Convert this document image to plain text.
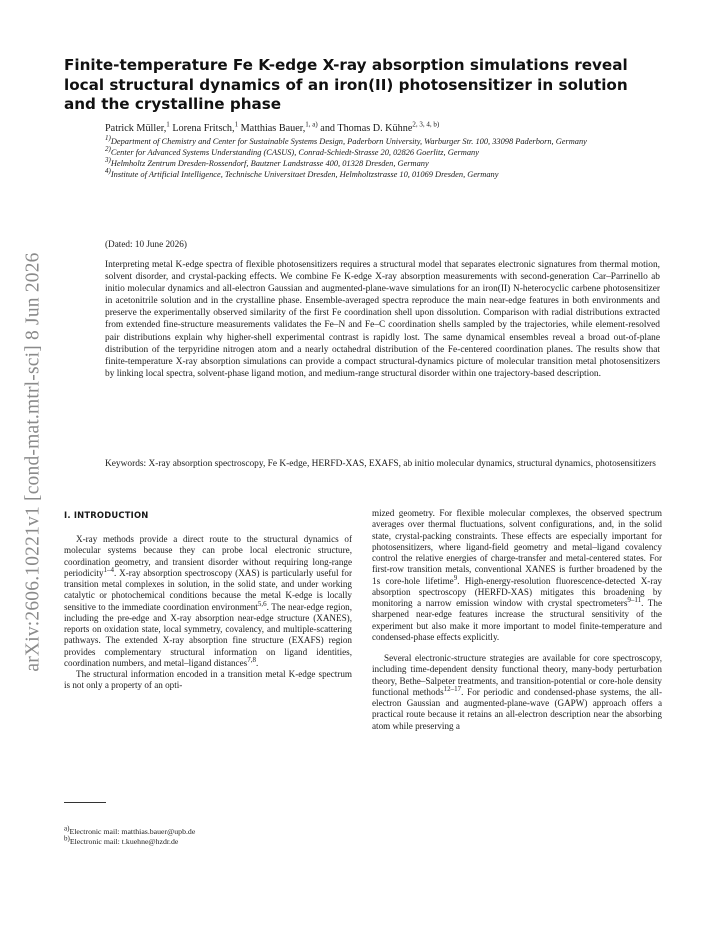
arXiv:2606.10221v1 [cond-mat.mtrl-sci] 8 Jun 2026
Finite-temperature Fe K-edge X-ray absorption simulations reveal local structural dynamics of an iron(II) photosensitizer in solution and the crystalline phase
Patrick Müller,$^1$ Lorena Fritsch,$^1$ Matthias Bauer,$^{1, a)}$ and Thomas D. Kühne$^{2, 3, 4, b)}$
$^{1)}$Department of Chemistry and Center for Sustainable Systems Design, Paderborn University, Warburger Str. 100, 33098 Paderborn, Germany
$^{2)}$Center for Advanced Systems Understanding (CASUS), Conrad-Schiedt-Strasse 20, 02826 Goerlitz, Germany
$^{3)}$Helmholtz Zentrum Dresden-Rossendorf, Bautzner Landstrasse 400, 01328 Dresden, Germany
$^{4)}$Institute of Artificial Intelligence, Technische Universitaet Dresden, Helmholtzstrasse 10, 01069 Dresden, Germany
(Dated: 10 June 2026)

Interpreting metal K-edge spectra of flexible photosensitizers requires a structural model that separates electronic signatures from thermal motion, solvent disorder, and crystal-packing effects. We combine Fe K-edge X-ray absorption measurements with second-generation Car–Parrinello ab initio molecular dynamics and all-electron Gaussian and augmented-plane-wave simulations for an iron(II) N-heterocyclic carbene photosensitizer in acetonitrile solution and in the crystalline phase. Ensemble-averaged spectra reproduce the main near-edge features in both environments and preserve the experimentally observed similarity of the first Fe coordination shell upon dissolution. Comparison with radial distributions extracted from extended fine-structure measurements validates the Fe–N and Fe–C coordination shells sampled by the trajectories, while element-resolved pair distributions explain why higher-shell experimental contrast is rapidly lost. The same dynamical ensembles reveal a broad out-of-plane distribution of the terpyridine nitrogen atom and a nearly octahedral distribution of the Fe-centered coordination planes. The results show that finite-temperature X-ray absorption simulations can provide a compact structural-dynamics picture of molecular transition metal photosensitizers by linking local spectra, solvent-phase ligand motion, and medium-range structural disorder within one trajectory-based description.

Keywords: X-ray absorption spectroscopy, Fe K-edge, HERFD-XAS, EXAFS, ab initio molecular dynamics, structural dynamics, photosensitizers

I. INTRODUCTION

X-ray methods provide a direct route to the structural dynamics of molecular systems because they can probe local electronic structure, coordination geometry, and transient disorder without requiring long-range periodicity$^{1-4}$. X-ray absorption spectroscopy (XAS) is particularly useful for transition metal complexes in solution, in the solid state, and under working catalytic or photochemical conditions because the metal K-edge is locally sensitive to the immediate coordination environment$^{5,6}$. The near-edge region, including the pre-edge and X-ray absorption near-edge structure (XANES), reports on oxidation state, local symmetry, covalency, and multiple-scattering pathways. The extended X-ray absorption fine structure (EXAFS) region provides complementary structural information on ligand identities, coordination numbers, and metal–ligand distances$^{7,8}$.

The structural information encoded in a transition metal K-edge spectrum is not only a property of an opti-

mized geometry. For flexible molecular complexes, the observed spectrum averages over thermal fluctuations, solvent configurations, and, in the solid state, crystal-packing constraints. These effects are especially important for photosensitizers, where ligand-field geometry and metal–ligand covalency control the relative energies of charge-transfer and metal-centered states. For first-row transition metals, conventional XANES is further broadened by the 1s core-hole lifetime$^9$. High-energy-resolution fluorescence-detected X-ray absorption spectroscopy (HERFD-XAS) mitigates this broadening by monitoring a narrow emission window with crystal spectrometers$^{9-11}$. The sharpened near-edge features increase the structural sensitivity of the experiment but also make it more important to model finite-temperature and condensed-phase effects explicitly.

Several electronic-structure strategies are available for core spectroscopy, including time-dependent density functional theory, many-body perturbation theory, Bethe–Salpeter treatments, and transition-potential or core-hole density functional methods$^{12-17}$. For periodic and condensed-phase systems, the all-electron Gaussian and augmented-plane-wave (GAPW) approach offers a practical route because it retains an all-electron description near the absorbing atom while preserving a

$^{a)}$Electronic mail: matthias.bauer@upb.de
$^{b)}$Electronic mail: t.kuehne@hzdr.de
